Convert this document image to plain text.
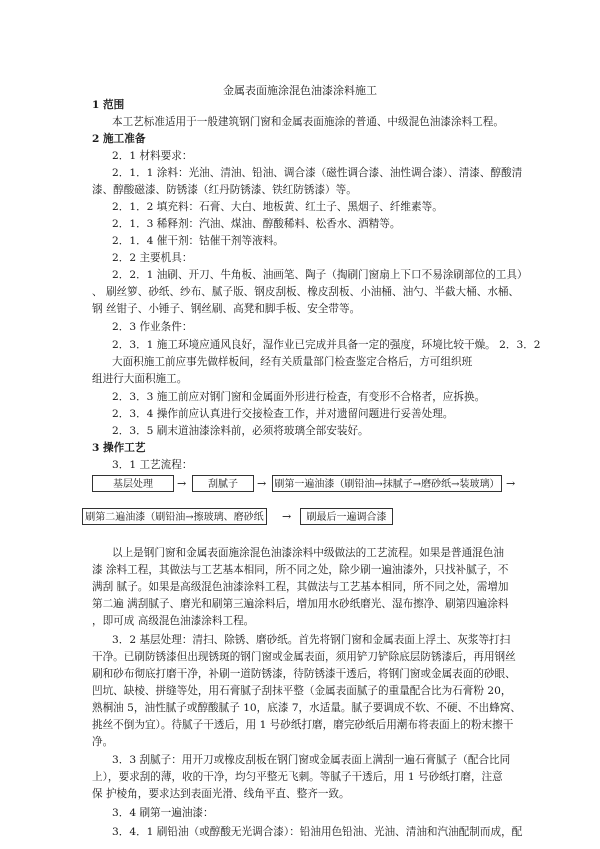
金属表面施涂混色油漆涂料施工
1 范围
本工艺标准适用于一般建筑钢门窗和金属表面施涂的普通、中级混色油漆涂料工程。
2 施工准备
2．1 材料要求：
2．1．1 涂料：光油、清油、铅油、调合漆（磁性调合漆、油性调合漆）、清漆、醇酸清
漆、醇酸磁漆、防锈漆（红丹防锈漆、铁红防锈漆）等。
2．1．2 填充料：石膏、大白、地板黄、红土子、黑烟子、纤维素等。
2．1．3 稀释剂：汽油、煤油、醇酸稀料、松香水、酒精等。
2．1．4 催干剂：钴催干剂等液料。
2．2 主要机具：
2．2．1 油刷、开刀、牛角板、油画笔、陶子（掏刷门窗扇上下口不易涂刷部位的工具）
、 刷丝箩、砂纸、纱布、腻子版、钢皮刮板、橡皮刮板、小油桶、油勺、半截大桶、水桶、
钢 丝钳子、小锤子、钢丝刷、高凳和脚手板、安全带等。
2．3 作业条件：
2．3．1 施工环境应通风良好，湿作业已完成并具备一定的强度，环境比较干燥。 2．3．2
大面积施工前应事先做样板间，经有关质量部门检查鉴定合格后，方可组织班
组进行大面积施工。
2．3．3 施工前应对钢门窗和金属面外形进行检查，有变形不合格者，应拆换。
2．3．4 操作前应认真进行交接检查工作，并对遗留问题进行妥善处理。
2．3．5 刷末道油漆涂料前，必须将玻璃全部安装好。
3 操作工艺
3．1 工艺流程：
基层处理	→	刮腻子	→ 刷第一遍油漆（刷铅油→抹腻子→磨砂纸→装玻璃） →
刷第二遍油漆（刷铅油→擦玻璃、磨砂纸	→	刷最后一遍调合漆
以上是钢门窗和金属表面施涂混色油漆涂料中级做法的工艺流程。如果是普通混色油
漆 涂料工程，其做法与工艺基本相同，所不同之处，除少刷一遍油漆外，只找补腻子，不
满刮 腻子。如果是高级混色油漆涂料工程，其做法与工艺基本相同，所不同之处，需增加
第二遍 满刮腻子、磨光和刷第三遍涂料后，增加用水砂纸磨光、湿布擦净、刷第四遍涂料
，即可成 高级混色油漆涂料工程。
3．2 基层处理：清扫、除锈、磨砂纸。首先将钢门窗和金属表面上浮土、灰浆等打扫
干净。已刷防锈漆但出现锈斑的钢门窗或金属表面，须用铲刀铲除底层防锈漆后，再用钢丝
刷和砂布彻底打磨干净，补刷一道防锈漆，待防锈漆干透后，将钢门窗或金属表面的砂眼、
凹坑、缺棱、拼缝等处，用石膏腻子刮抹平整（金属表面腻子的重量配合比为石膏粉 20，
熟桐油 5，油性腻子或醇酸腻子 10，底漆 7，水适量。腻子要调成不软、不硬、不出蜂窝、
挑丝不倒为宜）。待腻子干透后，用 1 号砂纸打磨，磨完砂纸后用潮布将表面上的粉末擦干
净。
3．3 刮腻子：用开刀或橡皮刮板在钢门窗或金属表面上满刮一遍石膏腻子（配合比同
上），要求刮的薄，收的干净，均匀平整无飞刺。等腻子干透后，用 1 号砂纸打磨，注意
保 护棱角，要求达到表面光滑、线角平直、整齐一致。
3．4 刷第一遍油漆：
3．4．1 刷铅油（或醇酸无光调合漆）：铅油用色铅油、光油、清油和汽油配制而成，配
